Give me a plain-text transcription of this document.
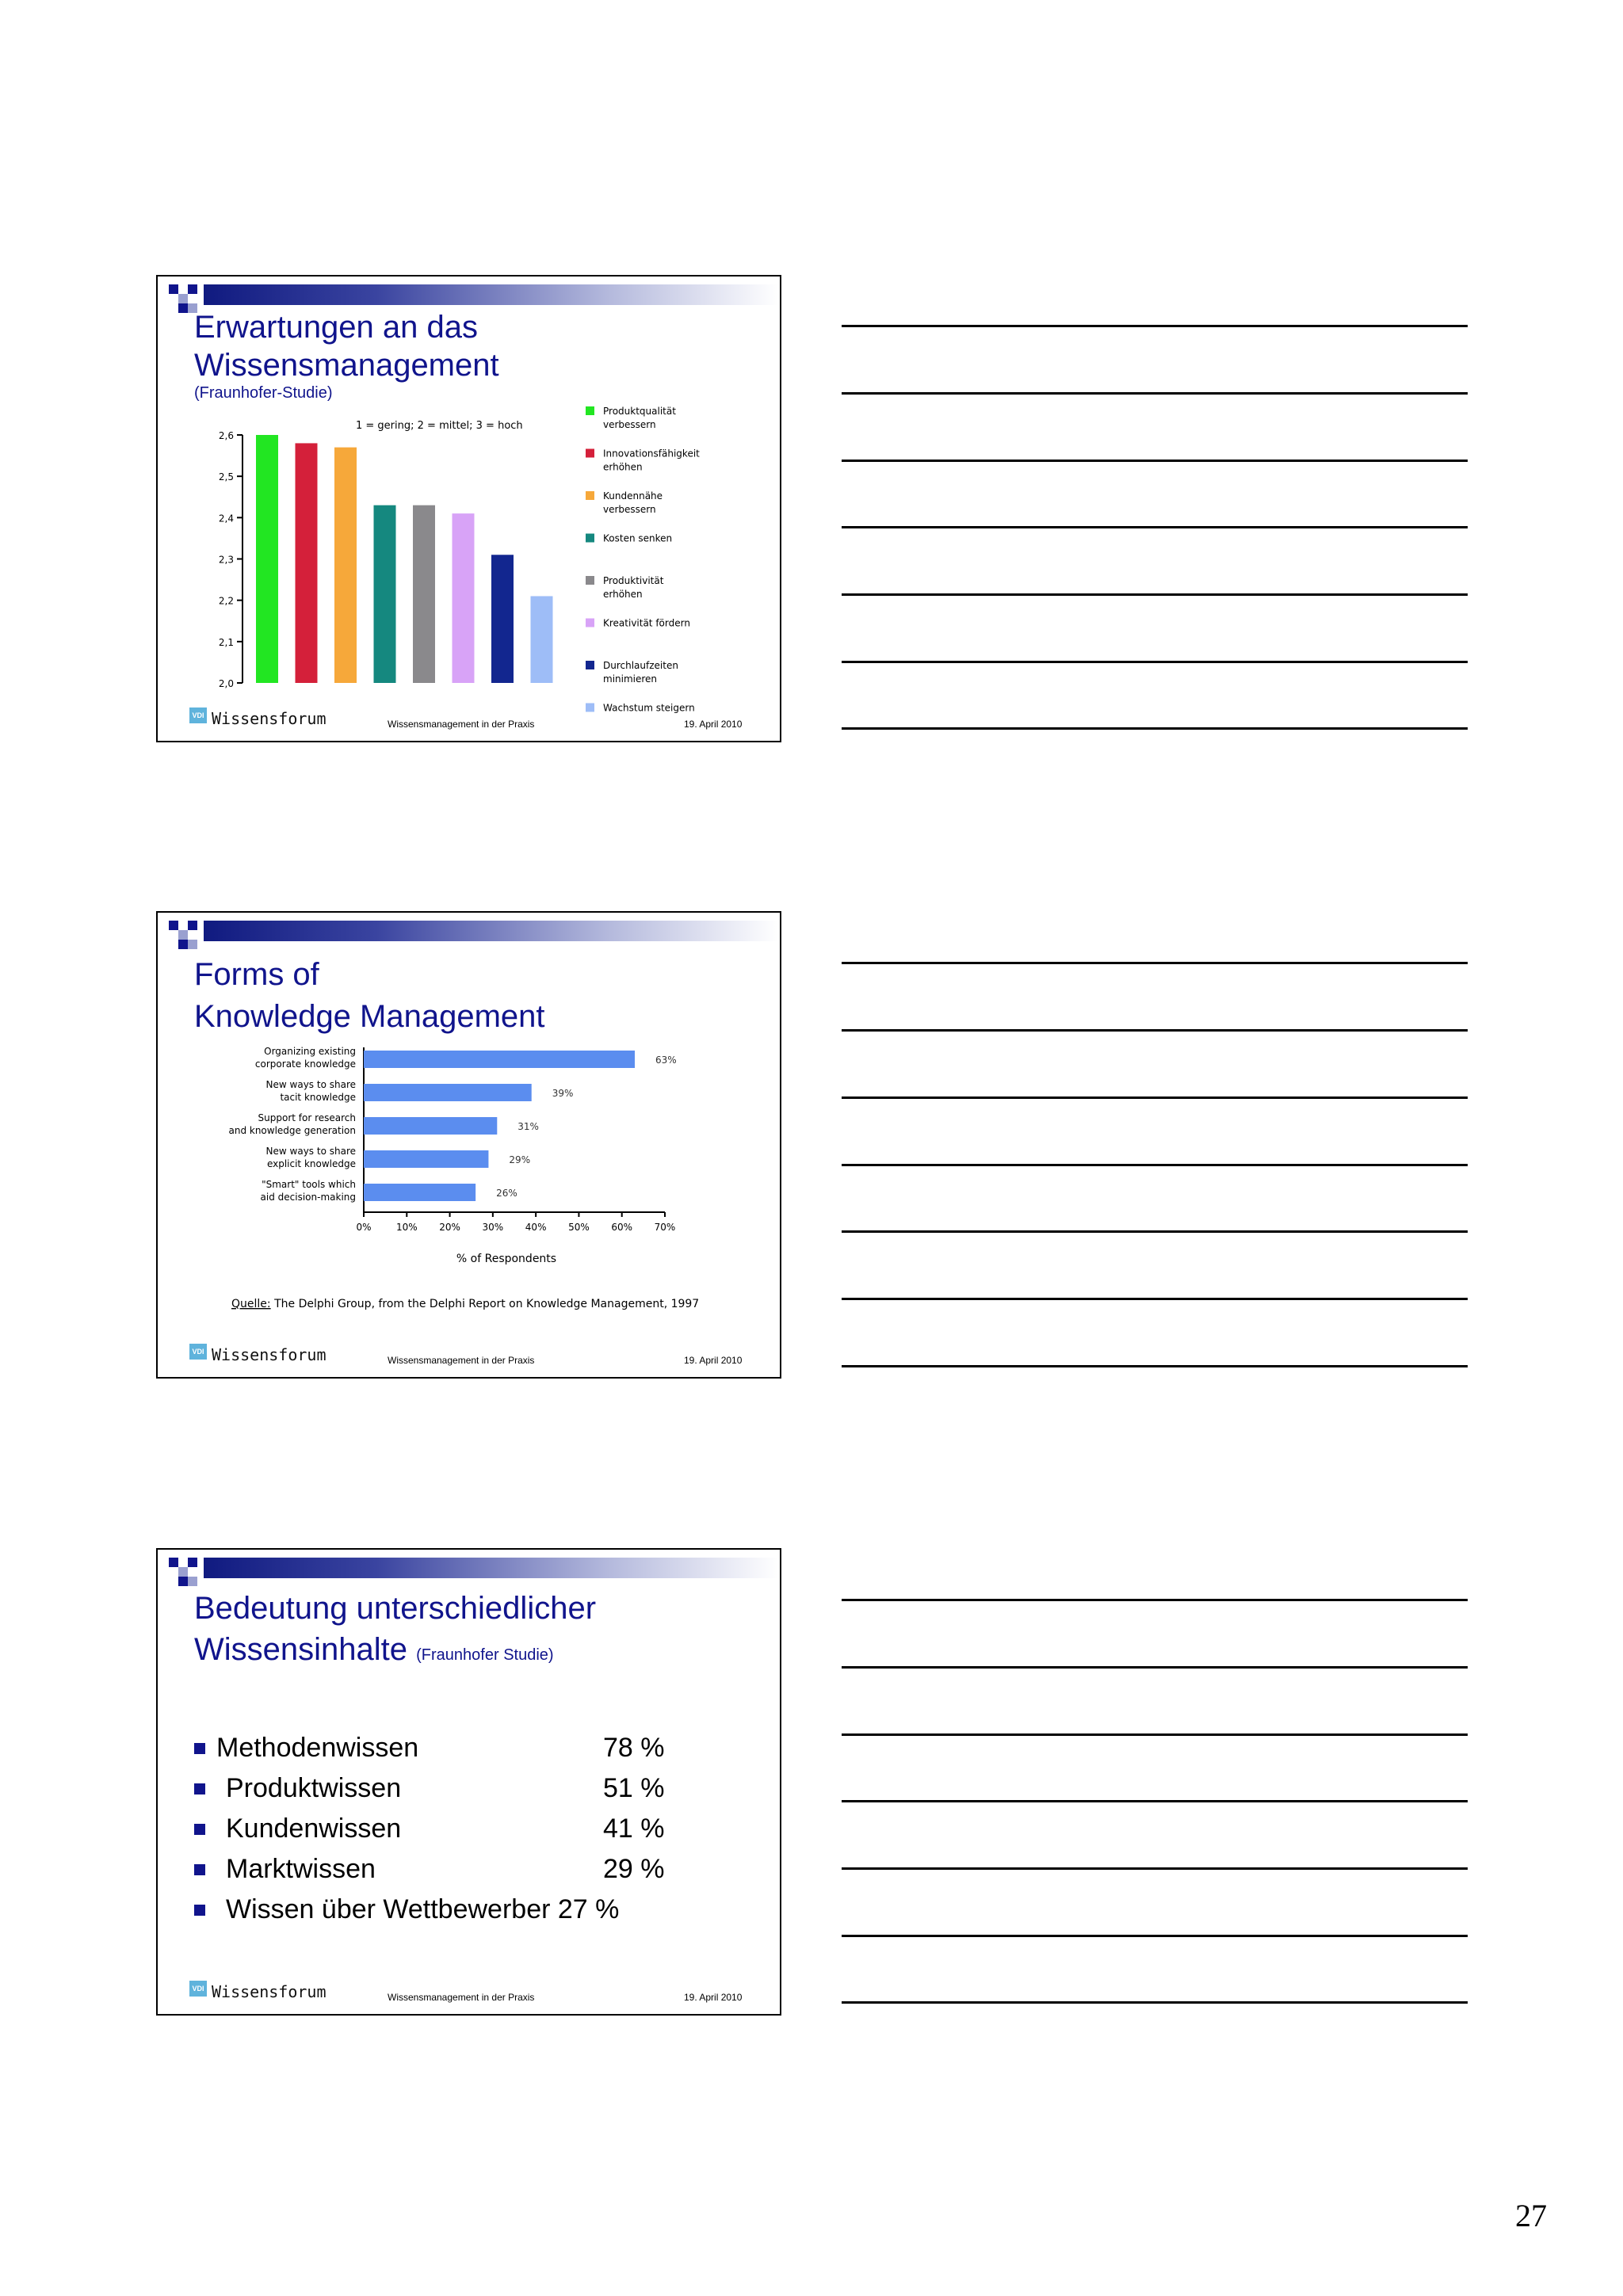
Erwartungen an das
Wissensmanagement
(Fraunhofer-Studie)
1 = gering; 2 = mittel; 3 = hoch
2,0
2,1
2,2
2,3
2,4
2,5
2,6
Produktqualität verbessern
Innovationsfähigkeit erhöhen
Kundennähe verbessern
Kosten senken
Produktivität erhöhen
Kreativität fördern
Durchlaufzeiten minimieren
Wachstum steigern
VDI Wissensforum	Wissensmanagement in der Praxis	19. April 2010
Forms of
Knowledge Management
63%
Organizing existing corporate knowledge
39%
New ways to share tacit knowledge
31%
Support for research and knowledge generation
29%
New ways to share explicit knowledge
26%
"Smart" tools which aid decision-making
0%	10% 20% 30% 40% 50% 60% 70%
% of Respondents
Quelle: The Delphi Group, from the Delphi Report on Knowledge Management, 1997
VDI Wissensforum	Wissensmanagement in der Praxis	19. April 2010
Bedeutung unterschiedlicher
Wissensinhalte (Fraunhofer Studie)
Methodenwissen	78 %
Produktwissen	51 %
Kundenwissen	41 %
Marktwissen	29 %
Wissen über Wettbewerber 27 %
VDI Wissensforum	Wissensmanagement in der Praxis	19. April 2010
27
